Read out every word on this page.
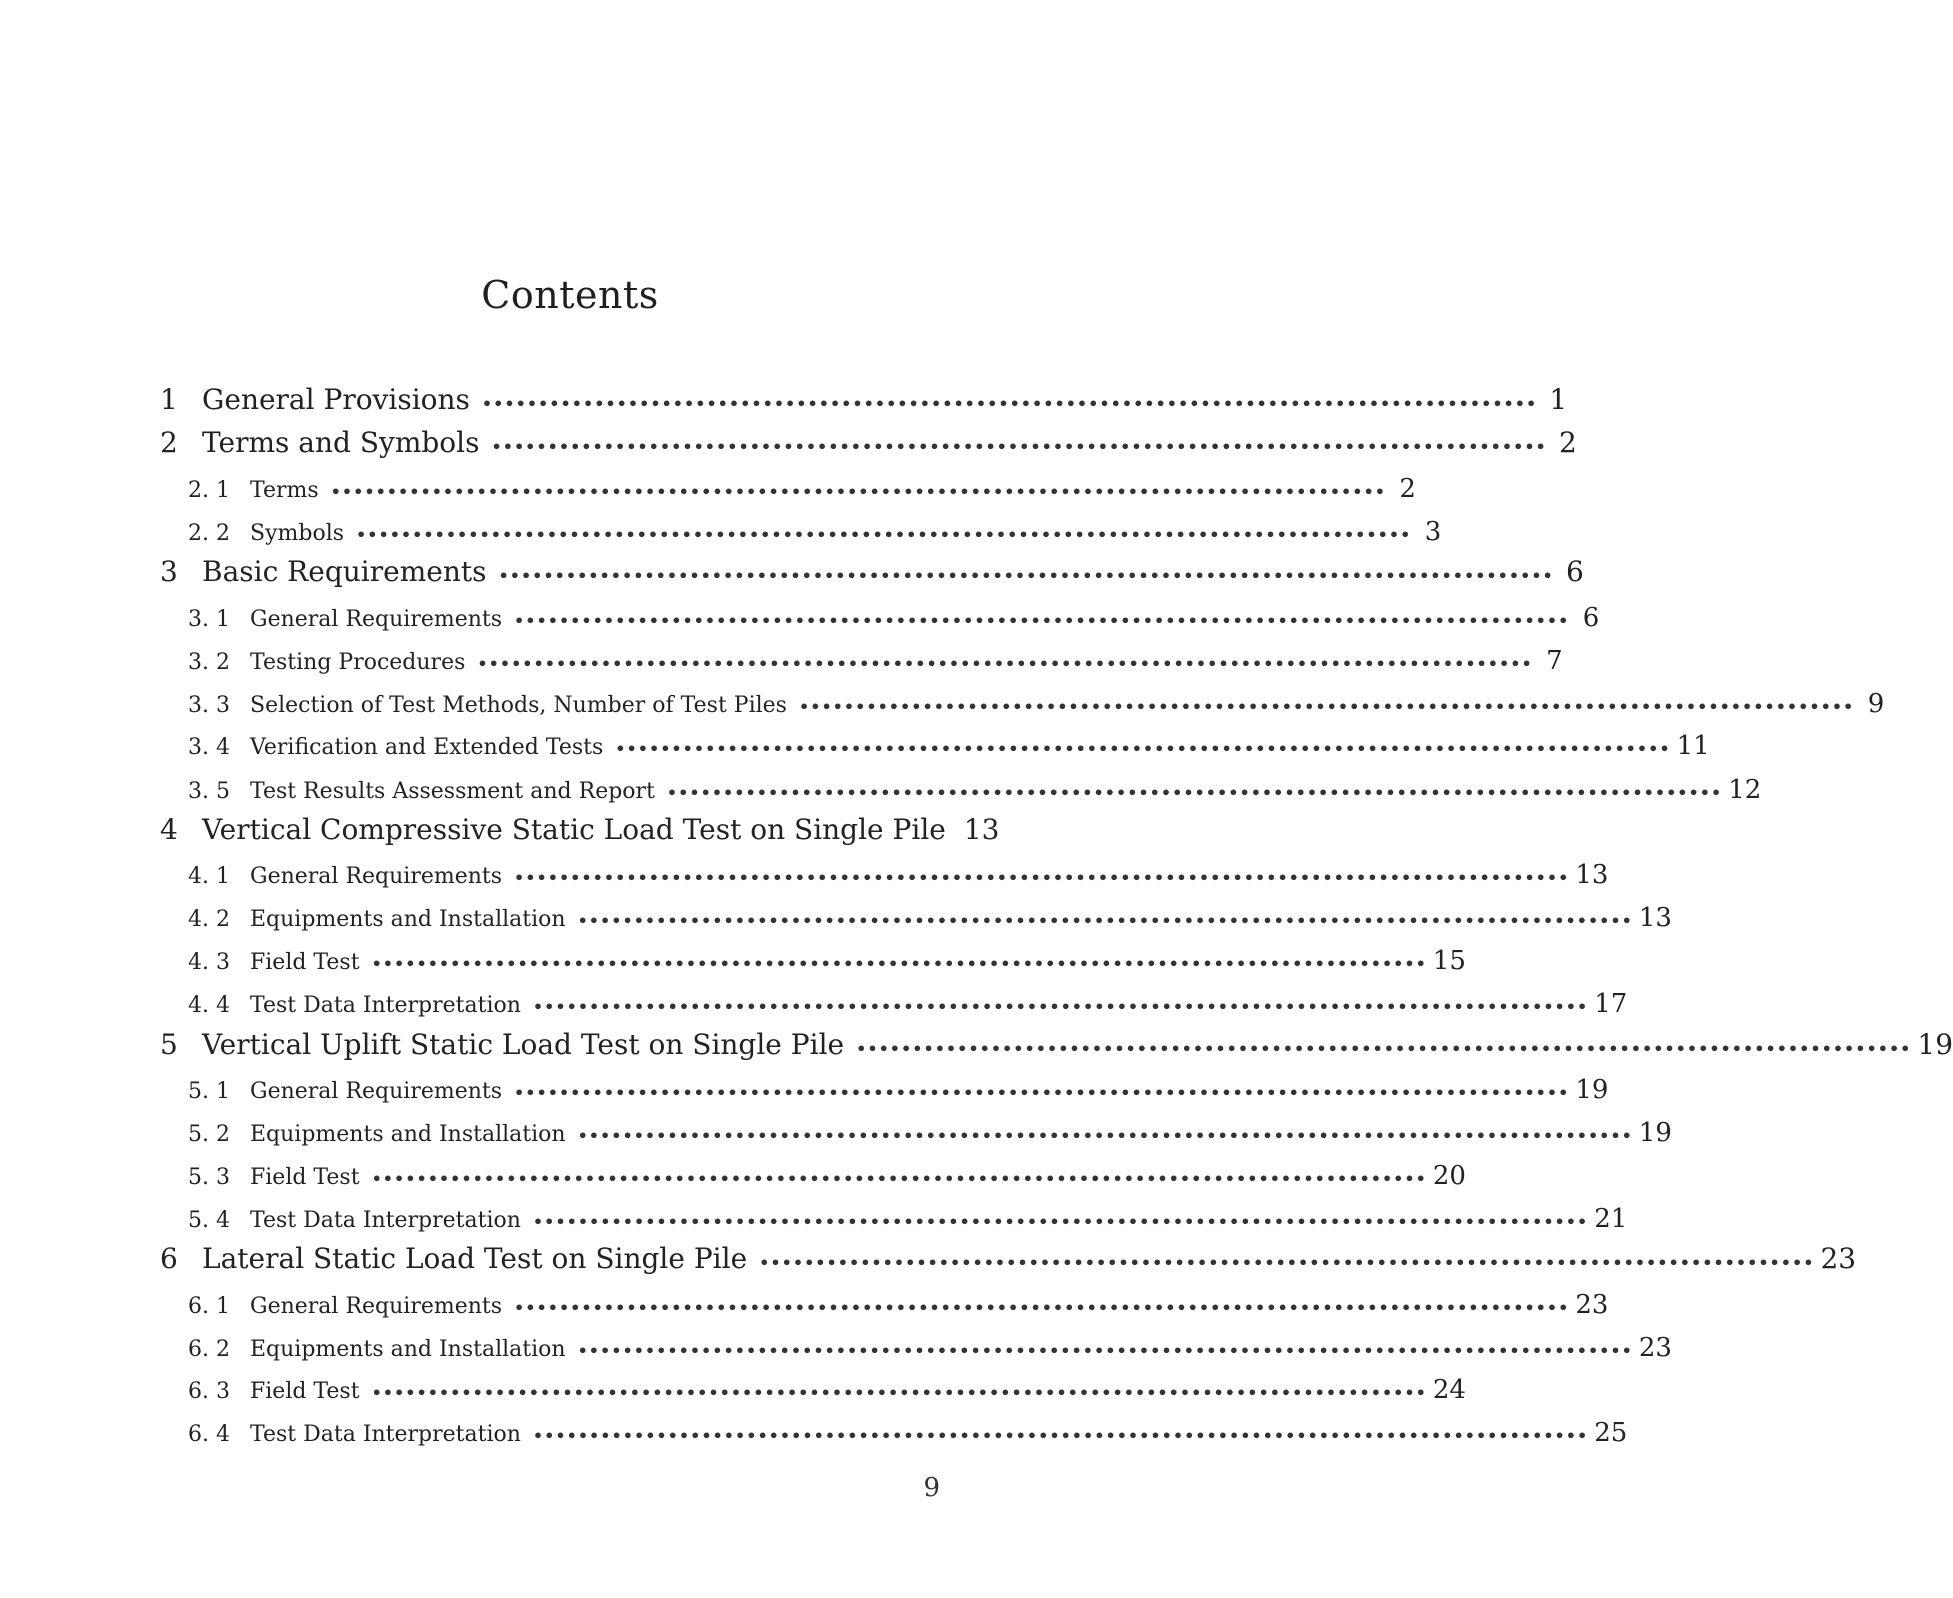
Contents
1 General Provisions •••••••••••••••••••••••••••••••••••••••••••••••••••••••••••••••••••••••••••••••••••••••••••••• 1
2 Terms and Symbols •••••••••••••••••••••••••••••••••••••••••••••••••••••••••••••••••••••••••••••••••••••••••••••• 2
2. 1 Terms •••••••••••••••••••••••••••••••••••••••••••••••••••••••••••••••••••••••••••••••••••••••••••••• 2
2. 2 Symbols •••••••••••••••••••••••••••••••••••••••••••••••••••••••••••••••••••••••••••••••••••••••••••••• 3
3 Basic Requirements •••••••••••••••••••••••••••••••••••••••••••••••••••••••••••••••••••••••••••••••••••••••••••••• 6
3. 1 General Requirements •••••••••••••••••••••••••••••••••••••••••••••••••••••••••••••••••••••••••••••••••••••••••••••• 6
3. 2 Testing Procedures •••••••••••••••••••••••••••••••••••••••••••••••••••••••••••••••••••••••••••••••••••••••••••••• 7
3. 3 Selection of Test Methods, Number of Test Piles •••••••••••••••••••••••••••••••••••••••••••••••••••••••••••••••••••••••••••••••••••••••••••••• 9
3. 4 Verification and Extended Tests •••••••••••••••••••••••••••••••••••••••••••••••••••••••••••••••••••••••••••••••••••••••••••••• 11
3. 5 Test Results Assessment and Report •••••••••••••••••••••••••••••••••••••••••••••••••••••••••••••••••••••••••••••••••••••••••••••• 12
4 Vertical Compressive Static Load Test on Single Pile 13
4. 1 General Requirements •••••••••••••••••••••••••••••••••••••••••••••••••••••••••••••••••••••••••••••••••••••••••••••• 13
4. 2 Equipments and Installation •••••••••••••••••••••••••••••••••••••••••••••••••••••••••••••••••••••••••••••••••••••••••••••• 13
4. 3 Field Test •••••••••••••••••••••••••••••••••••••••••••••••••••••••••••••••••••••••••••••••••••••••••••••• 15
4. 4 Test Data Interpretation •••••••••••••••••••••••••••••••••••••••••••••••••••••••••••••••••••••••••••••••••••••••••••••• 17
5 Vertical Uplift Static Load Test on Single Pile •••••••••••••••••••••••••••••••••••••••••••••••••••••••••••••••••••••••••••••••••••••••••••••• 19
5. 1 General Requirements •••••••••••••••••••••••••••••••••••••••••••••••••••••••••••••••••••••••••••••••••••••••••••••• 19
5. 2 Equipments and Installation •••••••••••••••••••••••••••••••••••••••••••••••••••••••••••••••••••••••••••••••••••••••••••••• 19
5. 3 Field Test •••••••••••••••••••••••••••••••••••••••••••••••••••••••••••••••••••••••••••••••••••••••••••••• 20
5. 4 Test Data Interpretation •••••••••••••••••••••••••••••••••••••••••••••••••••••••••••••••••••••••••••••••••••••••••••••• 21
6 Lateral Static Load Test on Single Pile •••••••••••••••••••••••••••••••••••••••••••••••••••••••••••••••••••••••••••••••••••••••••••••• 23
6. 1 General Requirements •••••••••••••••••••••••••••••••••••••••••••••••••••••••••••••••••••••••••••••••••••••••••••••• 23
6. 2 Equipments and Installation •••••••••••••••••••••••••••••••••••••••••••••••••••••••••••••••••••••••••••••••••••••••••••••• 23
6. 3 Field Test •••••••••••••••••••••••••••••••••••••••••••••••••••••••••••••••••••••••••••••••••••••••••••••• 24
6. 4 Test Data Interpretation •••••••••••••••••••••••••••••••••••••••••••••••••••••••••••••••••••••••••••••••••••••••••••••• 25
9
